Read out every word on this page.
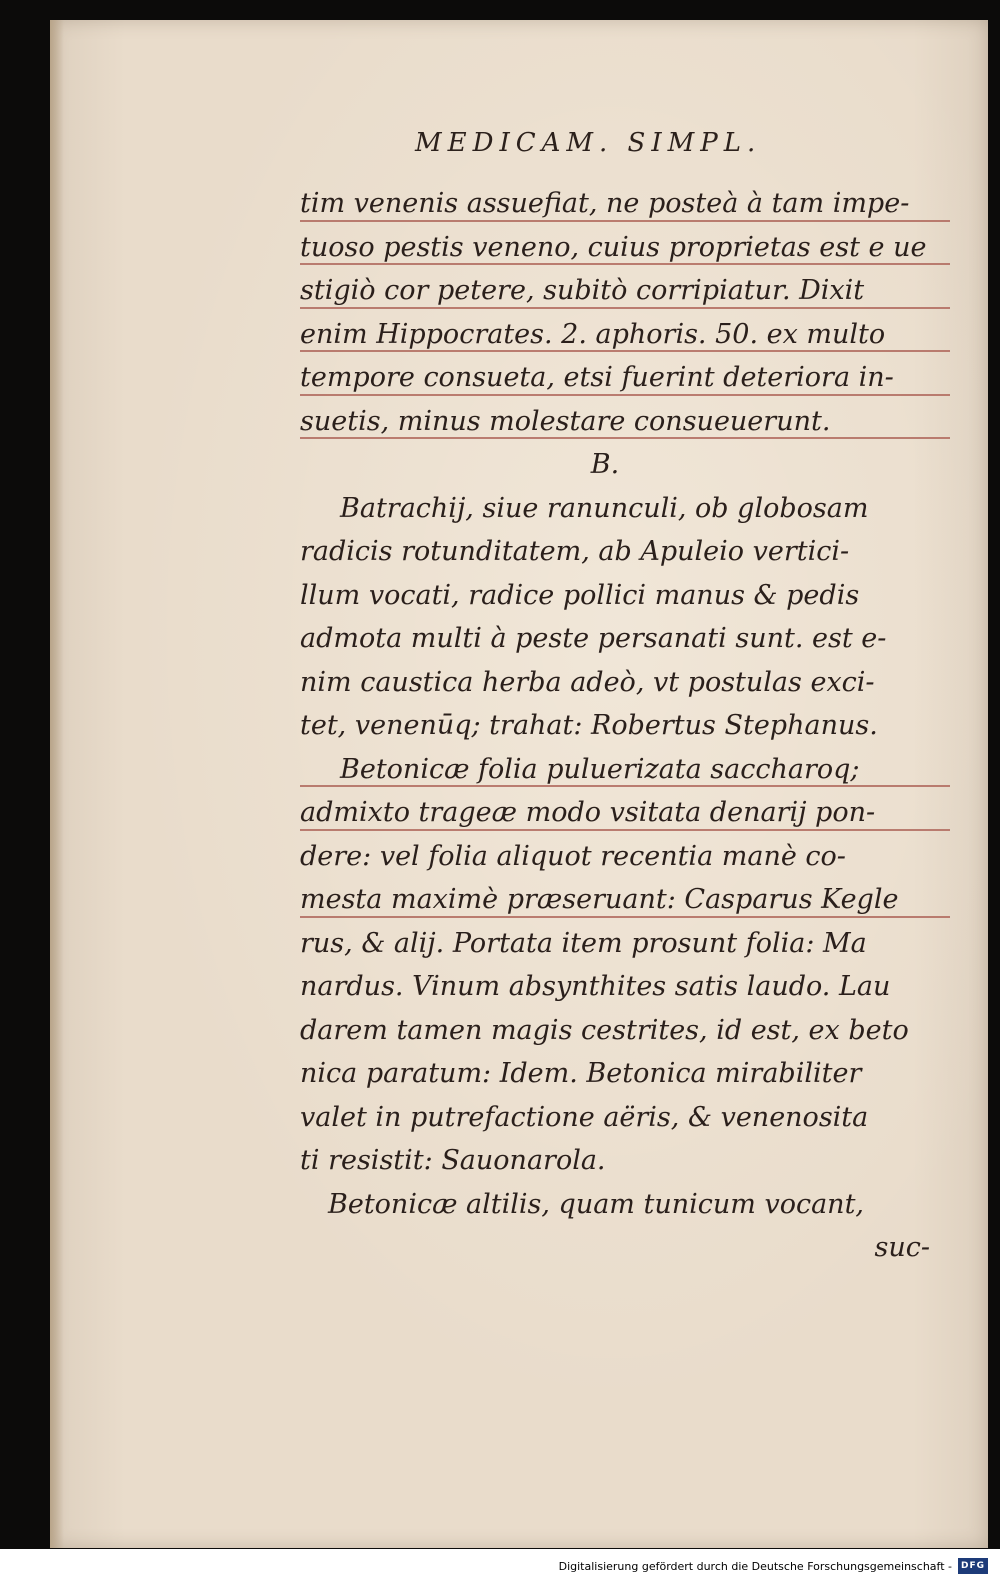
MEDICAM. SIMPL.
tim venenis assuefiat, ne posteà à tam impe-
tuoso pestis veneno, cuius proprietas est e ue
stigiò cor petere, subitò corripiatur. Dixit
enim Hippocrates. 2. aphoris. 50. ex multo
tempore consueta, etsi fuerint deteriora in-
suetis, minus molestare consueuerunt.
B.
Batrachij, siue ranunculi, ob globosam
radicis rotunditatem, ab Apuleio vertici-
llum vocati, radice pollici manus & pedis
admota multi à peste persanati sunt. est e-
nim caustica herba adeò, vt postulas exci-
tet, venenūq; trahat: Robertus Stephanus.
Betonicæ folia puluerizata saccharoq;
admixto trageæ modo vsitata denarij pon-
dere: vel folia aliquot recentia manè co-
mesta maximè præseruant: Casparus Kegle
rus, & alij. Portata item prosunt folia: Ma
nardus. Vinum absynthites satis laudo. Lau
darem tamen magis cestrites, id est, ex beto
nica paratum: Idem. Betonica mirabiliter
valet in putrefactione aëris, & venenosita
ti resistit: Sauonarola.
Betonicæ altilis, quam tunicum vocant,
suc-
Digitalisierung gefördert durch die Deutsche Forschungsgemeinschaft - DFG
